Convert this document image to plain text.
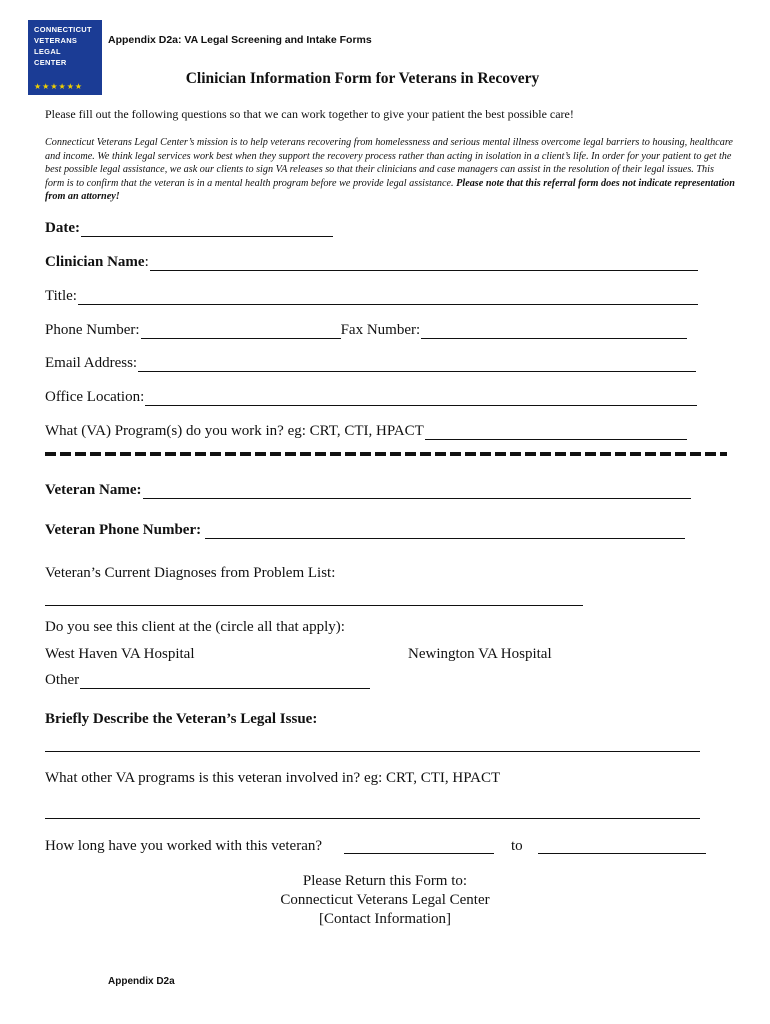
CONNECTICUT
VETERANS
LEGAL
CENTER
★★★★★★
Appendix D2a: VA Legal Screening and Intake Forms
Clinician Information Form for Veterans in Recovery
Please fill out the following questions so that we can work together to give your patient the best possible care!
Connecticut Veterans Legal Center’s mission is to help veterans recovering from homelessness and serious mental illness overcome legal barriers to housing, healthcare and income. We think legal services work best when they support the recovery process rather than acting in isolation in a client’s life. In order for your patient to get the best possible legal assistance, we ask our clients to sign VA releases so that their clinicians and case managers can assist in the resolution of their legal issues. This form is to confirm that the veteran is in a mental health program before we provide legal assistance. Please note that this referral form does not indicate representation from an attorney!
Date:
Clinician Name :
Title:
Phone Number:	Fax Number:
Email Address:
Office Location:
What (VA) Program(s) do you work in? eg: CRT, CTI, HPACT
Veteran Name:
Veteran Phone Number:
Veteran’s Current Diagnoses from Problem List:
Do you see this client at the (circle all that apply):
West Haven VA Hospital	Newington VA Hospital
Other
Briefly Describe the Veteran’s Legal Issue:
What other VA programs is this veteran involved in? eg: CRT, CTI, HPACT
How long have you worked with this veteran?	to
Please Return this Form to:
Connecticut Veterans Legal Center
[Contact Information]
Appendix D2a
